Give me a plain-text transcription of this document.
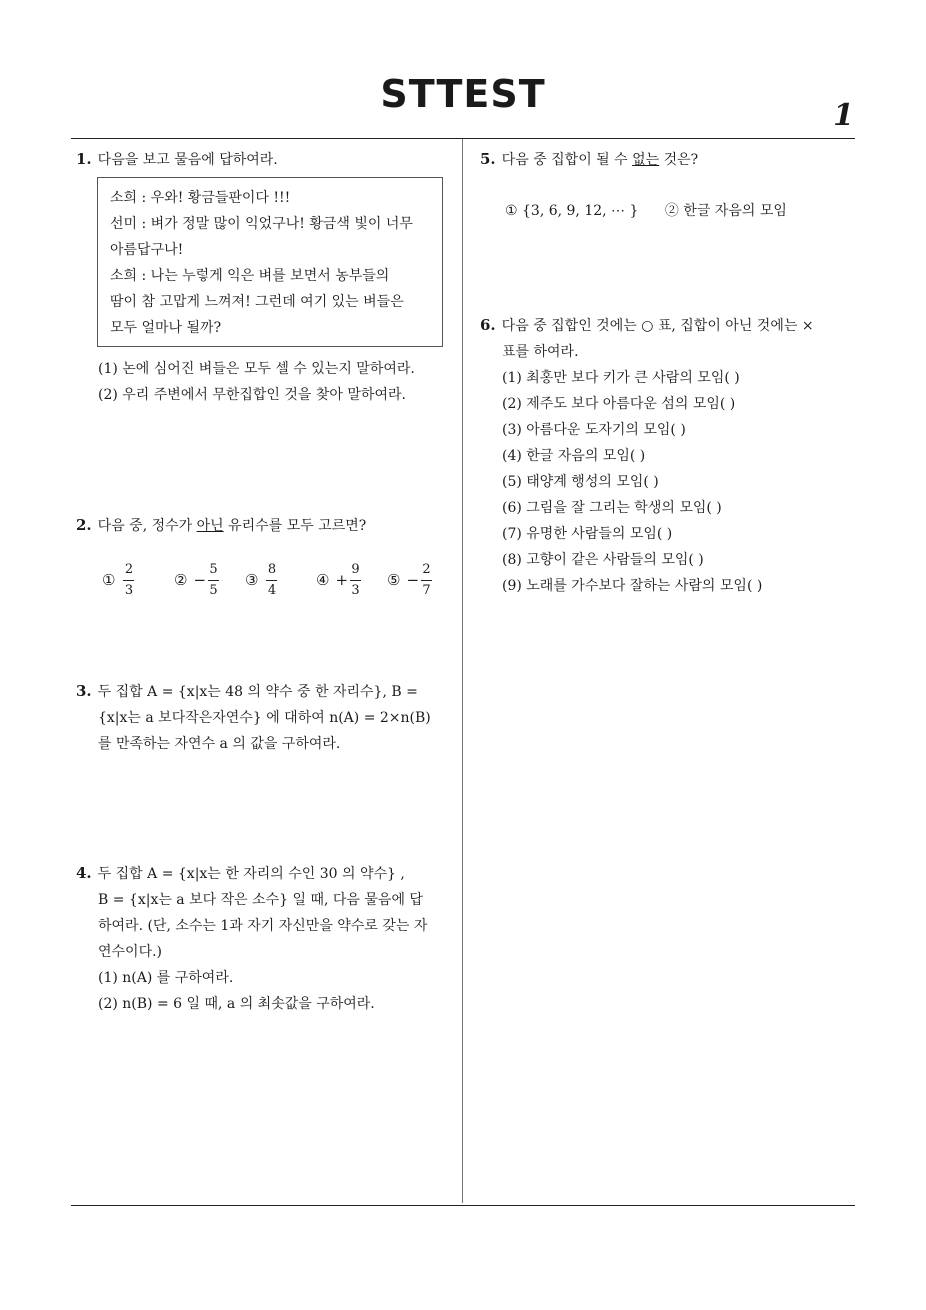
STTEST	1
1. 다음을 보고 물음에 답하여라.
소희 : 우와! 황금들판이다 !!!
선미 : 벼가 정말 많이 익었구나! 황금색 빛이 너무
아름답구나!
소희 : 나는 누렇게 익은 벼를 보면서 농부들의
땀이 참 고맙게 느껴져! 그런데 여기 있는 벼들은
모두 얼마나 될까?
(1) 논에 심어진 벼들은 모두 셀 수 있는지 말하여라.
(2) 우리 주변에서 무한집합인 것을 찾아 말하여라.
2. 다음 중, 정수가 아닌 유리수를 모두 고르면?
① $\frac{2}{3}$	② − $\frac{5}{5}$ ③ $\frac{8}{4}$	④ + $\frac{9}{3}$ ⑤ − $\frac{2}{7}$
3. 두 집합 A = {x|x는 48 의 약수 중 한 자리수}, B =
{x|x는 a 보다작은자연수} 에 대하여 n(A) = 2×n(B)
를 만족하는 자연수 a 의 값을 구하여라.
4. 두 집합 A = {x|x는 한 자리의 수인 30 의 약수} ,
B = {x|x는 a 보다 작은 소수} 일 때, 다음 물음에 답
하여라. (단, 소수는 1과 자기 자신만을 약수로 갖는 자
연수이다.)
(1) n(A) 를 구하여라.
(2) n(B) = 6 일 때, a 의 최솟값을 구하여라.
5. 다음 중 집합이 될 수 없는 것은?
① {3, 6, 9, 12, ⋯ } ② 한글 자음의 모임
6. 다음 중 집합인 것에는 ○ 표, 집합이 아닌 것에는 ×
표를 하여라.
(1) 최홍만 보다 키가 큰 사람의 모임( )
(2) 제주도 보다 아름다운 섬의 모임( )
(3) 아름다운 도자기의 모임( )
(4) 한글 자음의 모임( )
(5) 태양계 행성의 모임( )
(6) 그림을 잘 그리는 학생의 모임( )
(7) 유명한 사람들의 모임( )
(8) 고향이 같은 사람들의 모임( )
(9) 노래를 가수보다 잘하는 사람의 모임( )
